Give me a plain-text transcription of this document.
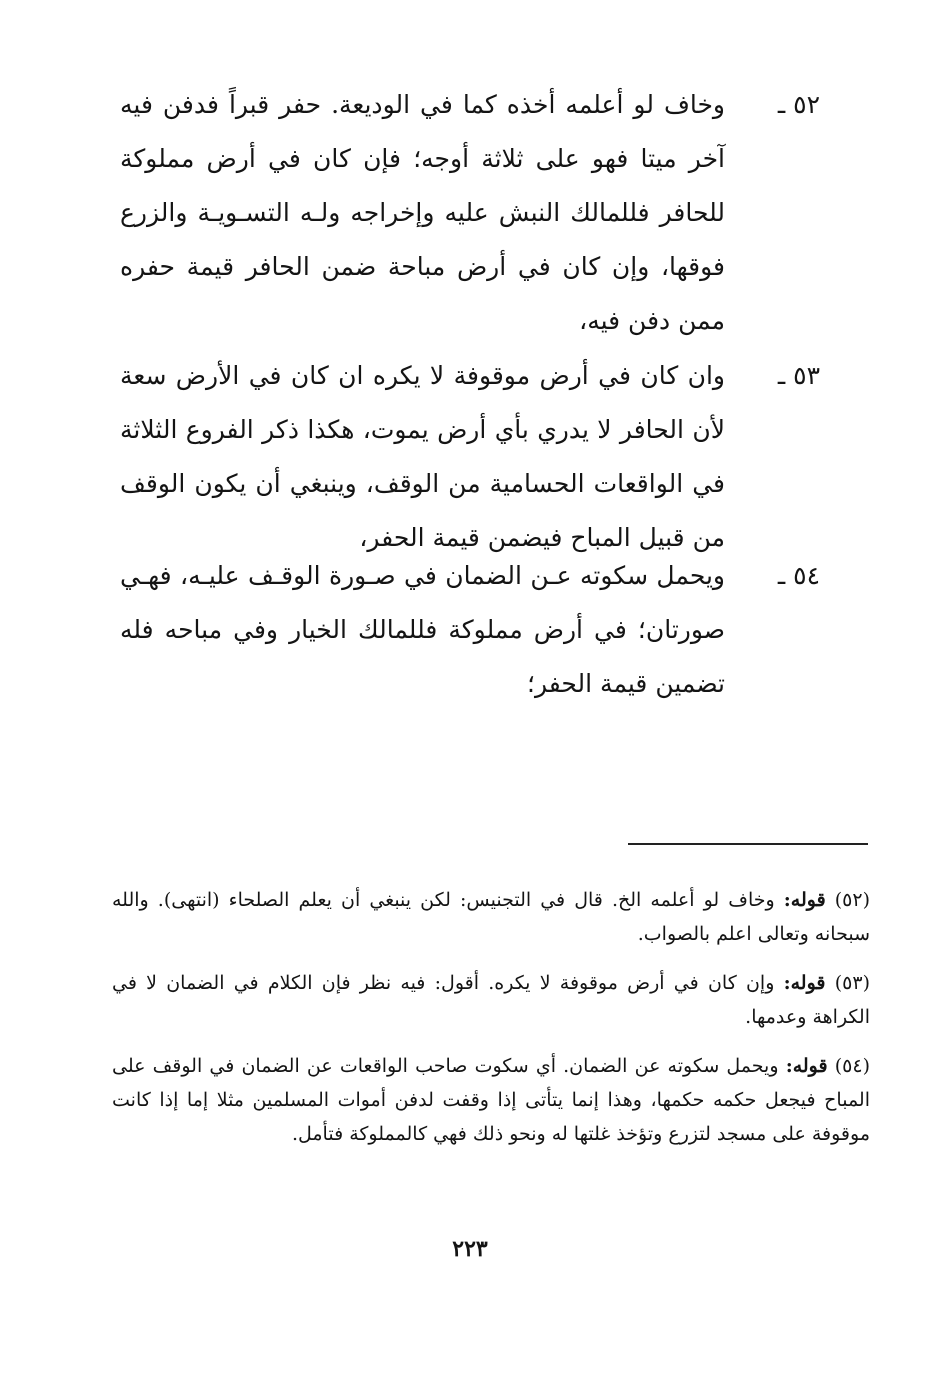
٥٢ ـ
وخاف لو أعلمه أخذه كما في الوديعة. حفر قبراً فدفن فيه آخر ميتا فهو على ثلاثة أوجه؛ فإن كان في أرض مملوكة للحافر فللمالك النبش عليه وإخراجه ولـه التسـويـة والزرع فوقها، وإن كان في أرض مباحة ضمن الحافر قيمة حفره ممن دفن فيه،
٥٣ ـ
وان كان في أرض موقوفة لا يكره ان كان في الأرض سعة لأن الحافر لا يدري بأي أرض يموت، هكذا ذكر الفروع الثلاثة في الواقعات الحسامية من الوقف، وينبغي أن يكون الوقف من قبيل المباح فيضمن قيمة الحفر،
٥٤ ـ
ويحمل سكوته عـن الضمان في صـورة الوقـف عليـه، فهـي صورتان؛ في أرض مملوكة فللمالك الخيار وفي مباحه فله تضمين قيمة الحفر؛
(٥٢) قوله: وخاف لو أعلمه الخ. قال في التجنيس: لكن ينبغي أن يعلم الصلحاء (انتهى). والله سبحانه وتعالى اعلم بالصواب.
(٥٣) قوله: وإن كان في أرض موقوفة لا يكره. أقول: فيه نظر فإن الكلام في الضمان لا في الكراهة وعدمها.
(٥٤) قوله: ويحمل سكوته عن الضمان. أي سكوت صاحب الواقعات عن الضمان في الوقف على المباح فيجعل حكمه حكمها، وهذا إنما يتأتى إذا وقفت لدفن أموات المسلمين مثلا إما إذا كانت موقوفة على مسجد لتزرع وتؤخذ غلتها له ونحو ذلك فهي كالمملوكة فتأمل.
٢٢٣
